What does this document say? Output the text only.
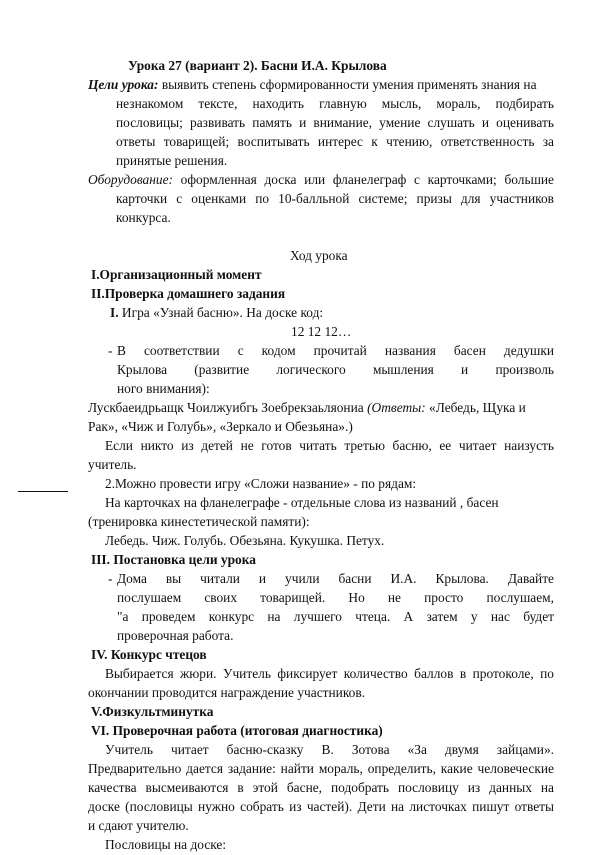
Урока 27 (вариант 2). Басни И.А. Крылова
Цели урока: выявить степень сформированности умения применять знания на
незнакомом тексте, находить главную мысль, мораль, подбирать
пословицы; развивать память и внимание, умение слушать и оценивать
ответы товарищей; воспитывать интерес к чтению, ответственность за
принятые решения.
Оборудование: оформленная доска или фланелеграф с карточками; большие
карточки с оценками по 10-балльной системе; призы для участников
конкурса.
Ход урока
I.Организационный момент
II.Проверка домашнего задания
I. Игра «Узнай басню». На доске код:
12 12 12…
- В соответствии с кодом прочитай названия басен дедушки
Крылова (развитие логического мышления и произволь
ного внимания):
Лускбаеидрьащк Чоилжуибгь Зоебрекзаьляониа (Ответы: «Лебедь, Щука и
Рак», «Чиж и Голубь», «Зеркало и Обезьяна».)
Если никто из детей не готов читать третью басню, ее читает наизусть
учитель.
2.Можно провести игру «Сложи название» - по рядам:
На карточках на фланелеграфе - отдельные слова из названий , басен
(тренировка кинестетической памяти):
Лебедь. Чиж. Голубь. Обезьяна. Кукушка. Петух.
III. Постановка цели урока
- Дома вы читали и учили басни И.А. Крылова. Давайте
послушаем своих товарищей. Но не просто послушаем,
"а проведем конкурс на лучшего чтеца. А затем у нас будет
проверочная работа.
IV. Конкурс чтецов
Выбирается жюри. Учитель фиксирует количество баллов в протоколе, по
окончании проводится награждение участников.
V.Физкультминутка
VI. Проверочная работа (итоговая диагностика)
Учитель читает басню-сказку В. Зотова «За двумя зайцами».
Предварительно дается задание: найти мораль, определить, какие человеческие
качества высмеиваются в этой басне, подобрать пословицу из данных на
доске (пословицы нужно собрать из частей). Дети на листочках пишут ответы
и сдают учителю.
Пословицы на доске:
